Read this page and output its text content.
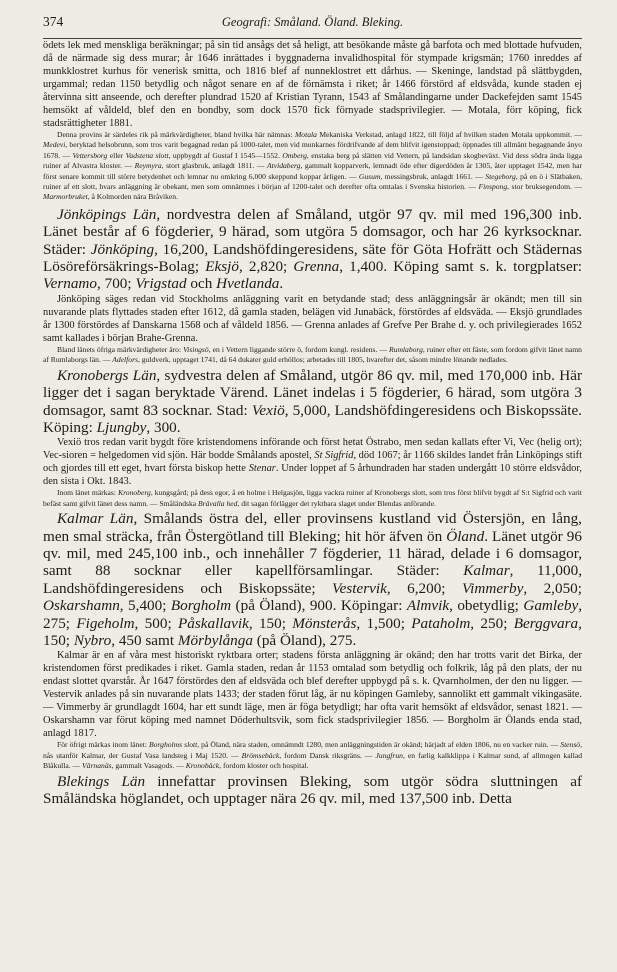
374	Geografi: Småland. Öland. Bleking.

ödets lek med menskliga beräkningar; på sin tid ansågs det så heligt, att besökande måste gå barfota och med blottade hufvuden, då de närmade sig dess murar; år 1646 inrättades i byggnaderna invalidhospital för stympade krigsmän; 1760 inreddes af munkklostret kurhus för venerisk smitta, och 1816 blef af nunneklostret ett dårhus. — Skeninge, landstad på slättbygden, urgammal; redan 1150 betydlig och något senare en af de förnämsta i riket; år 1466 förstörd af eldsvåda, kunde staden ej återvinna sitt anseende, och derefter plundrad 1520 af Kristian Tyrann, 1543 af Smålandingarne under Dackefejden samt 1545 hemsökt af våldeld, blef den en bondby, som dock 1570 fick förnyade stadsprivilegier. — Motala, förr köping, fick stadsrättigheter 1881.

Denna provins är särdeles rik på märkvärdigheter, bland hvilka här nämnas: Motala Mekaniska Verkstad, anlagd 1822, till följd af hvilken staden Motala uppkommit. — Medevi, beryktad helsobrunn, som tros varit begagnad redan på 1000-talet, men vid munkarnes fördrifvande af dem blifvit igenstoppad; öppnades till allmänt begagnande ånyo 1678. — Vettersborg eller Vadstena slott, uppbygdt af Gustaf I 1545—1552. Omberg, enstaka berg på slätten vid Vettern, på landsidan skogbeväxt. Vid dess södra ända ligga ruiner af Alvastra kloster. — Reymyra, stort glasbruk, anlagdt 1811. — Atvidaberg, gammalt kopparverk, lemnadt öde efter digerdöden år 1305, åter upptaget 1542, men har först senare kommit till större betydenhet och lemnar nu omkring 6,000 skeppund koppar årligen. — Gusum, messingsbruk, anlagdt 1661. — Stegeborg, på en ö i Slätbaken, ruiner af ett slott, hvars anläggning är obekant, men som omnämnes i början af 1200-talet och derefter ofta omtalas i Svenska historien. — Finspong, stor bruksegendom. — Marmorbruket, å Kolmorden nära Bråviken.

Jönköpings Län, nordvestra delen af Småland, utgör 97 qv. mil med 196,300 inb. Länet består af 6 fögderier, 9 härad, som utgöra 5 domsagor, och har 26 kyrksocknar. Städer: Jönköping, 16,200, Landshöfdingeresidens, säte för Göta Hofrätt och Städernas Lösöreförsäkrings-Bolag; Eksjö, 2,820; Grenna, 1,400. Köping samt s. k. torgplatser: Vernamo, 700; Vrigstad och Hvetlanda.

Jönköping säges redan vid Stockholms anläggning varit en betydande stad; dess anläggningsår är okändt; men till sin nuvarande plats flyttades staden efter 1612, då gamla staden, belägen vid Junabäck, förstördes af eldsväda. — Eksjö grundlades år 1300 förstördes af Danskarna 1568 och af våldeld 1856. — Grenna anlades af Grefve Per Brahe d. y. och privilegierades 1652 samt kallades i början Brahe-Grenna.

Bland länets öfriga märkvärdigheter äro: Visingsö, en i Vettern liggande större ö, fordom kungl. residens. — Rumlaborg, ruiner efter ett fäste, som fordom gifvit länet namn af Rumlaborgs län. — Adelfors, guldverk, upptaget 1741, då 64 dukater guld erhöllos; arbetades till 1805, hvarefter det, såsom mindre lönande nedlades.

Kronobergs Län, sydvestra delen af Småland, utgör 86 qv. mil, med 170,000 inb. Här ligger det i sagan beryktade Värend. Länet indelas i 5 fögderier, 6 härad, som utgöra 3 domsagor, samt 83 socknar. Stad: Vexiö, 5,000, Landshöfdingeresidens och Biskopssäte. Köping: Ljungby, 300.

Vexiö tros redan varit bygdt före kristendomens införande och först hetat Östrabo, men sedan kallats efter Vi, Vec (helig ort); Vec-sioren = helgedomen vid sjön. Här bodde Smålands apostel, St Sigfrid, död 1067; år 1166 skildes landet från Linköpings stift och gjordes till ett eget, hvart första biskop hette Stenar. Under loppet af 5 århundraden har staden undergått 10 större eldsvådor, den sista i Okt. 1843.

Inom länet märkas: Kronoberg, kungsgård; på dess egor, å en holme i Helgasjön, ligga vackra ruiner af Kronobergs slott, som tros först blifvit bygdt af S:t Sigfrid och varit befäst samt gifvit länet dess namn. — Småländska Brävalla hed, dit sagan förlägger det ryktbara slaget under Blendas anförande.

Kalmar Län, Smålands östra del, eller provinsens kustland vid Östersjön, en lång, men smal sträcka, från Östergötland till Bleking; hit hör äfven ön Öland. Länet utgör 96 qv. mil, med 245,100 inb., och innehåller 7 fögderier, 11 härad, delade i 6 domsagor, samt 88 socknar eller kapellförsamlingar. Städer: Kalmar, 11,000, Landshöfdingeresidens och Biskopssäte; Vestervik, 6,200; Vimmerby, 2,050; Oskarshamn, 5,400; Borgholm (på Öland), 900. Köpingar: Almvik, obetydlig; Gamleby, 275; Figeholm, 500; Påskallavik, 150; Mönsterås, 1,500; Pataholm, 250; Berggvara, 150; Nybro, 450 samt Mörbylånga (på Öland), 275.

Kalmar är en af våra mest historiskt ryktbara orter; stadens första anläggning är okänd; den har trotts varit det Birka, der kristendomen först predikades i riket. Gamla staden, redan år 1153 omtalad som betydlig och folkrik, låg på den plats, der nu endast slottet qvarstår. År 1647 förstördes den af eldsväda och blef derefter uppbygd på s. k. Qvarnholmen, der den nu ligger. — Vestervik anlades på sin nuvarande plats 1433; der staden förut låg, är nu köpingen Gamleby, sannolikt ett gammalt vikingasäte. — Vimmerby är grundlagdt 1604, har ett sundt läge, men är föga betydligt; har ofta varit hemsökt af eldsvådor, senast 1821. — Oskarshamn var förut köping med namnet Döderhultsvik, som fick stadsprivilegier 1856. — Borgholm är Ölands enda stad, anlagd 1817.

För öfrigt märkas inom länet: Borgholms slott, på Öland, nära staden, omnämndt 1280, men anläggningstiden är okänd; härjadt af elden 1806, nu en vacker ruin. — Stensö, nås utanför Kalmar, der Gustaf Vasa landsteg i Maj 1520. — Brömsebäck, fordom Dansk riksgräns. — Jungfrun, en farlig kalkklippa i Kalmar sund, af allmogen kallad Blåkulla. — Värnanäs, gammalt Vasagods. — Kronobäck, fordom kloster och hospital.

Blekings Län innefattar provinsen Bleking, som utgör södra sluttningen af Småländska höglandet, och upptager nära 26 qv. mil, med 137,500 inb. Detta
